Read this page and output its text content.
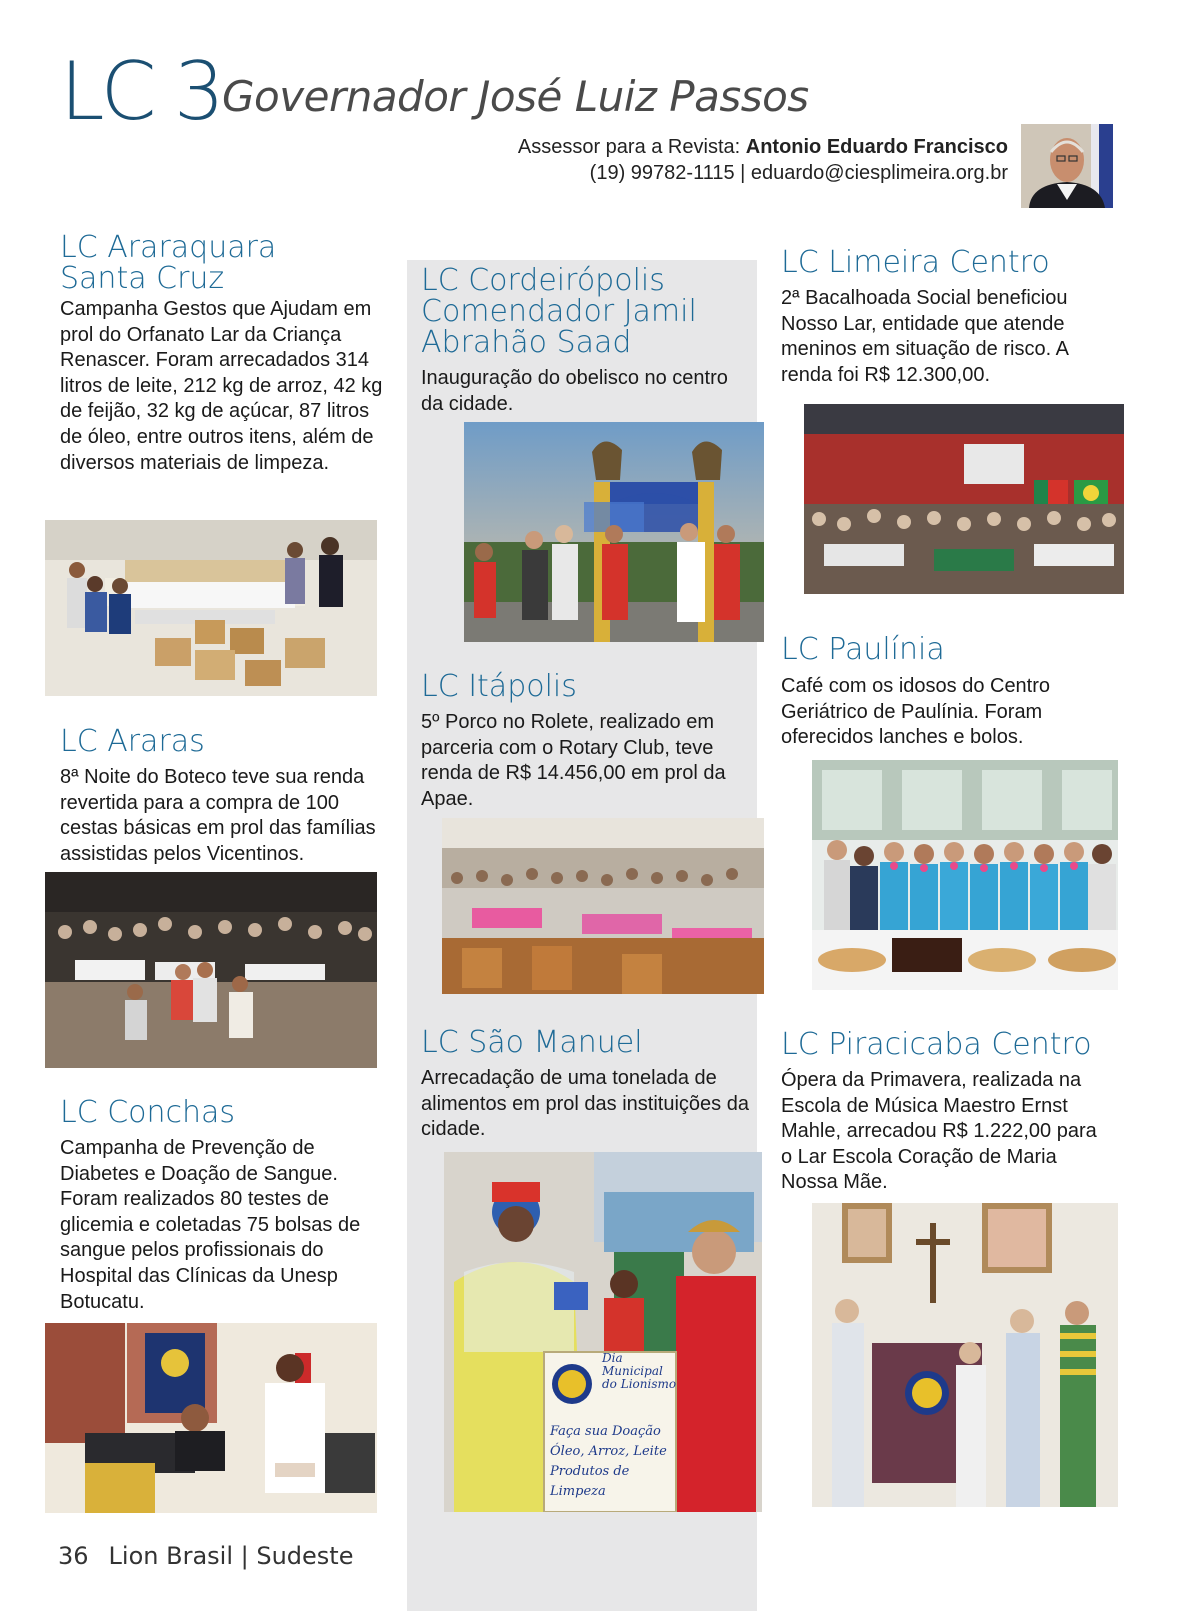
LC 3 Governador José Luiz Passos
Assessor para a Revista: Antonio Eduardo Francisco
(19) 99782-1115 | eduardo@ciesplimeira.org.br
LC Araraquara
Santa Cruz
Campanha Gestos que Ajudam em prol do Orfanato Lar da Criança Renascer. Foram arrecadados 314 litros de leite, 212 kg de arroz, 42 kg de feijão, 32 kg de açúcar, 87 litros de óleo, entre outros itens, além de diversos materiais de limpeza.
LC Araras
8ª Noite do Boteco teve sua renda revertida para a compra de 100 cestas básicas em prol das famílias assistidas pelos Vicentinos.
LC Conchas
Campanha de Prevenção de Diabetes e Doação de Sangue. Foram realizados 80 testes de glicemia e coletadas 75 bolsas de sangue pelos profissionais do Hospital das Clínicas da Unesp Botucatu.
LC Cordeirópolis
Comendador Jamil
Abrahão Saad
Inauguração do obelisco no centro da cidade.
LC Itápolis
5º Porco no Rolete, realizado em parceria com o Rotary Club, teve renda de R$ 14.456,00 em prol da Apae.
LC São Manuel
Arrecadação de uma tonelada de alimentos em prol das instituições da cidade.
Dia
Municipal
do Lionismo
Faça sua Doação
Óleo, Arroz, Leite
Produtos de Limpeza
LC Limeira Centro
2ª Bacalhoada Social beneficiou Nosso Lar, entidade que atende meninos em situação de risco. A renda foi R$ 12.300,00.
LC Paulínia
Café com os idosos do Centro Geriátrico de Paulínia. Foram oferecidos lanches e bolos.
LC Piracicaba Centro
Ópera da Primavera, realizada na Escola de Música Maestro Ernst Mahle, arrecadou R$ 1.222,00 para o Lar Escola Coração de Maria Nossa Mãe.
36 Lion Brasil | Sudeste
